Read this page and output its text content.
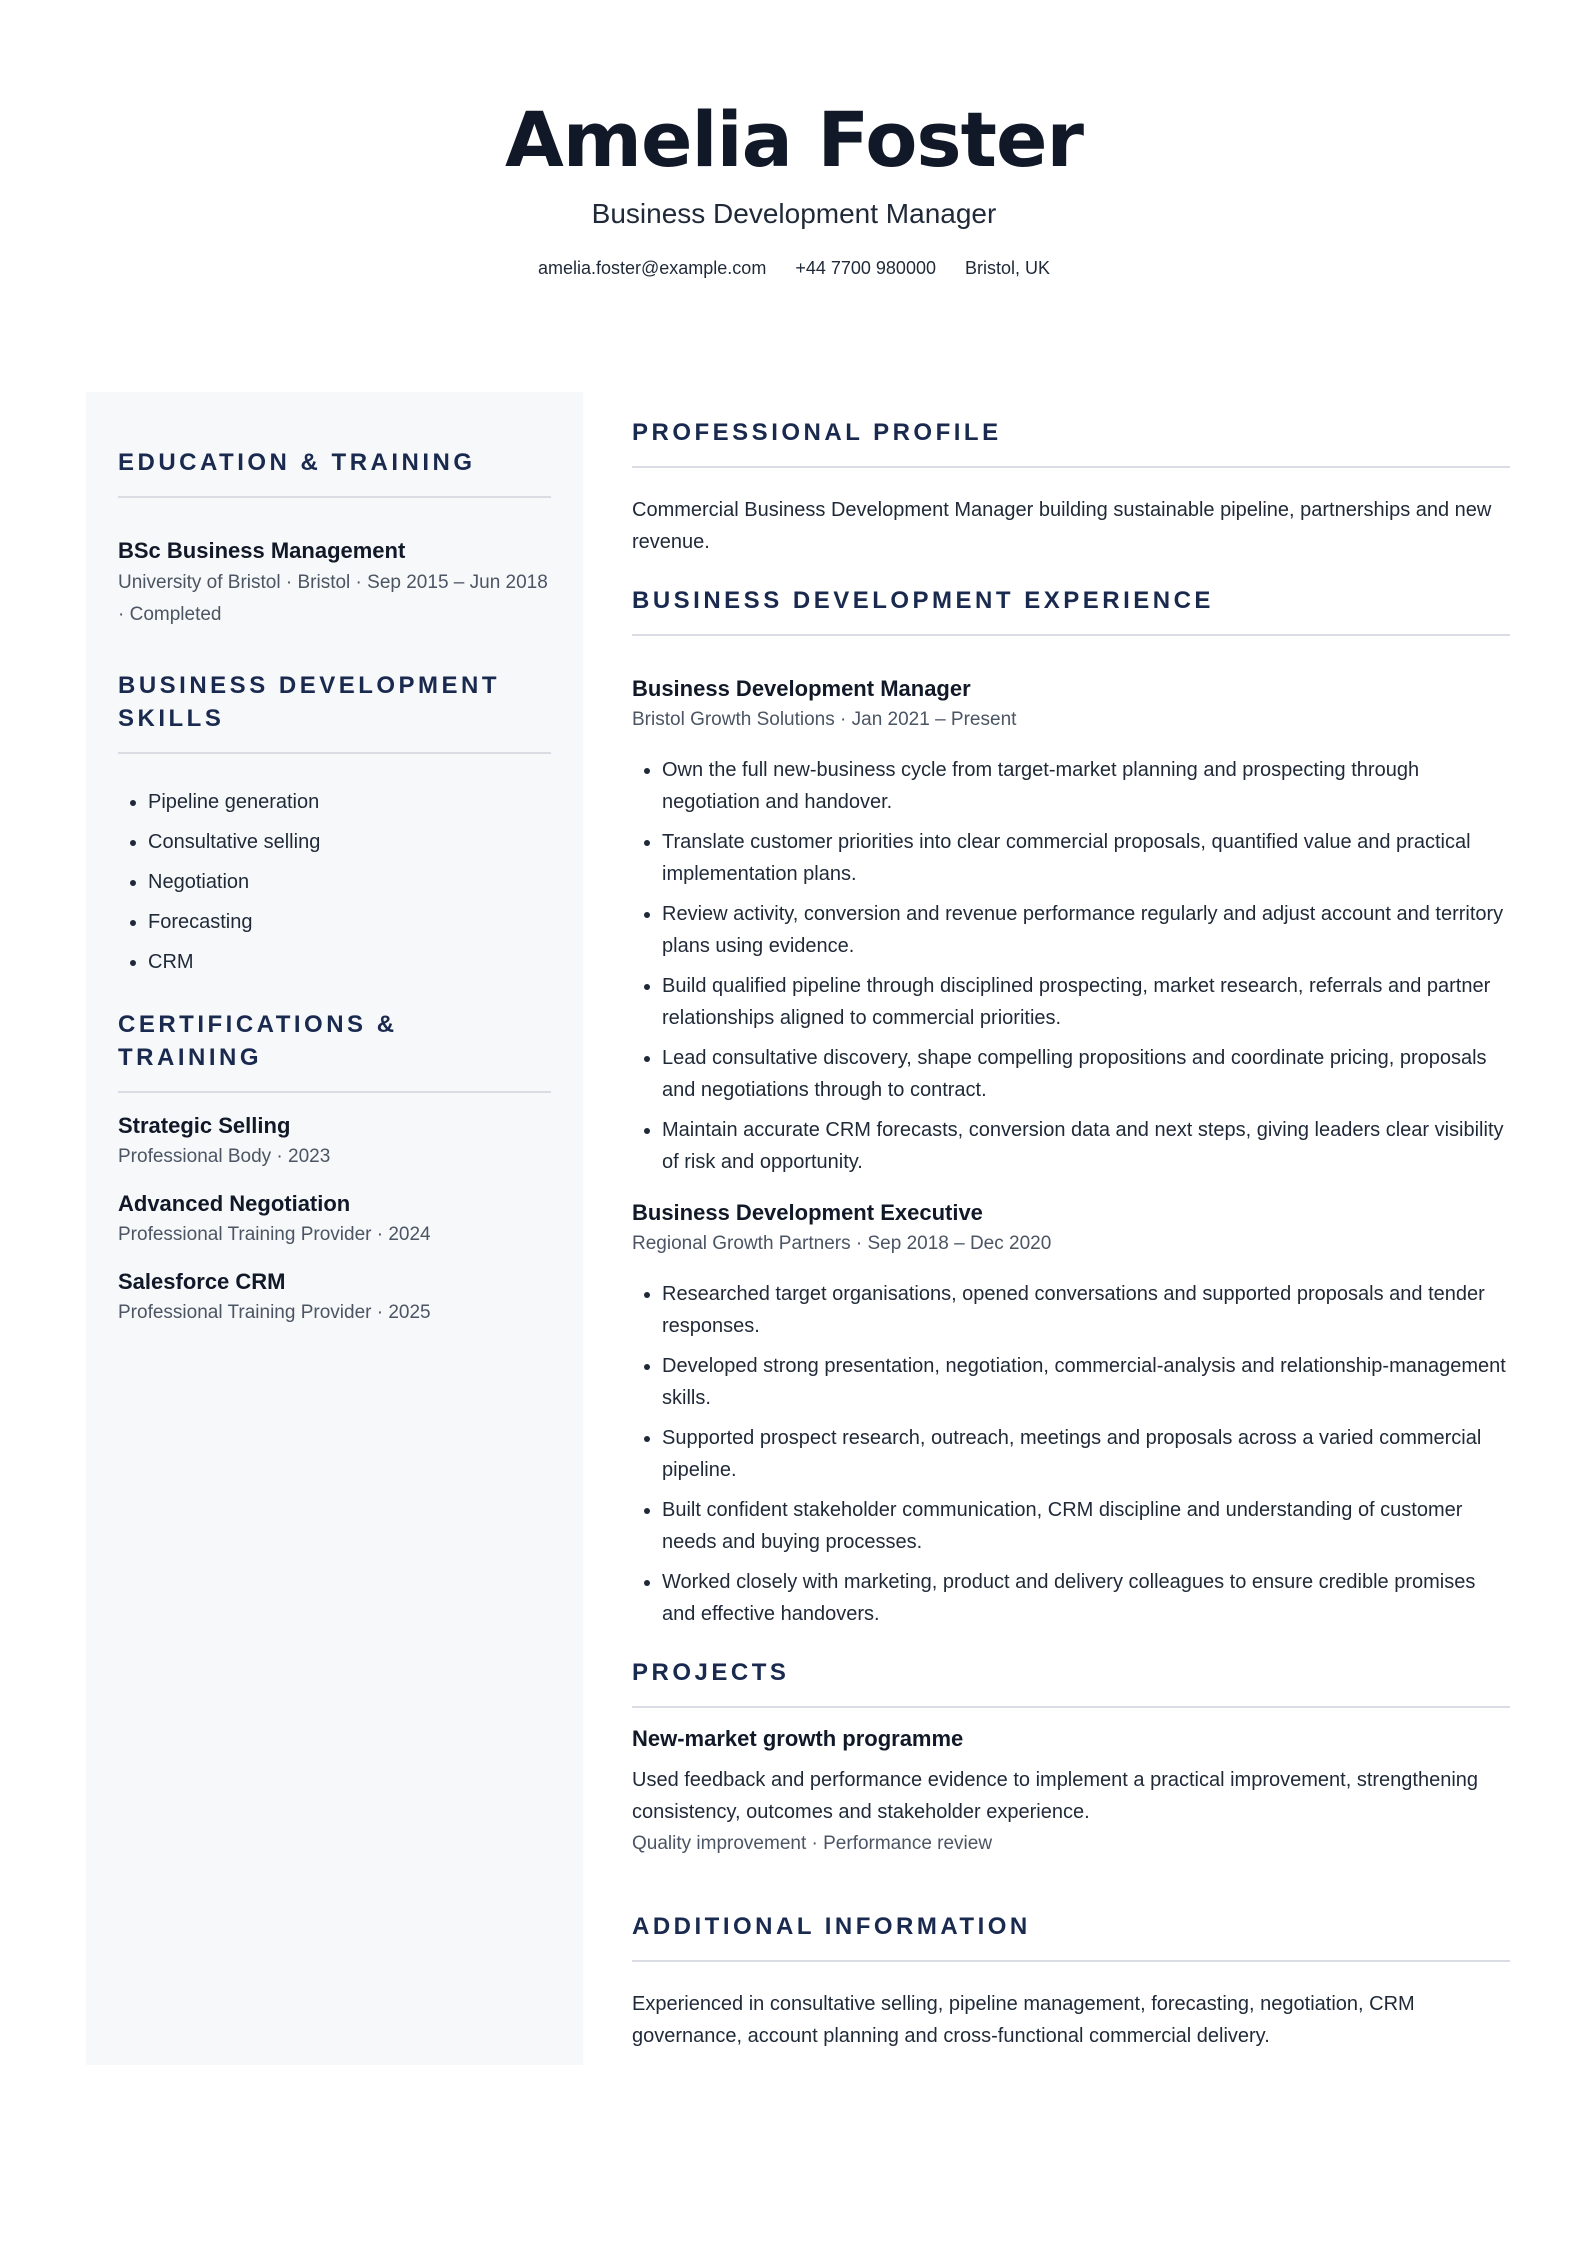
Amelia Foster
Business Development Manager
amelia.foster@example.com +44 7700 980000 Bristol, UK
EDUCATION & TRAINING
BSc Business Management
University of Bristol · Bristol · Sep 2015 – Jun 2018 · Completed
BUSINESS DEVELOPMENT SKILLS
• Pipeline generation
• Consultative selling
• Negotiation
• Forecasting
• CRM
CERTIFICATIONS & TRAINING
Strategic Selling
Professional Body · 2023
Advanced Negotiation
Professional Training Provider · 2024
Salesforce CRM
Professional Training Provider · 2025
PROFESSIONAL PROFILE
Commercial Business Development Manager building sustainable pipeline, partnerships and new revenue.
BUSINESS DEVELOPMENT EXPERIENCE
Business Development Manager
Bristol Growth Solutions · Jan 2021 – Present
• Own the full new-business cycle from target-market planning and prospecting through negotiation and handover.
• Translate customer priorities into clear commercial proposals, quantified value and practical implementation plans.
• Review activity, conversion and revenue performance regularly and adjust account and territory plans using evidence.
• Build qualified pipeline through disciplined prospecting, market research, referrals and partner relationships aligned to commercial priorities.
• Lead consultative discovery, shape compelling propositions and coordinate pricing, proposals and negotiations through to contract.
• Maintain accurate CRM forecasts, conversion data and next steps, giving leaders clear visibility of risk and opportunity.
Business Development Executive
Regional Growth Partners · Sep 2018 – Dec 2020
• Researched target organisations, opened conversations and supported proposals and tender responses.
• Developed strong presentation, negotiation, commercial-analysis and relationship-management skills.
• Supported prospect research, outreach, meetings and proposals across a varied commercial pipeline.
• Built confident stakeholder communication, CRM discipline and understanding of customer needs and buying processes.
• Worked closely with marketing, product and delivery colleagues to ensure credible promises and effective handovers.
PROJECTS
New-market growth programme
Used feedback and performance evidence to implement a practical improvement, strengthening consistency, outcomes and stakeholder experience.
Quality improvement · Performance review
ADDITIONAL INFORMATION
Experienced in consultative selling, pipeline management, forecasting, negotiation, CRM governance, account planning and cross-functional commercial delivery.
